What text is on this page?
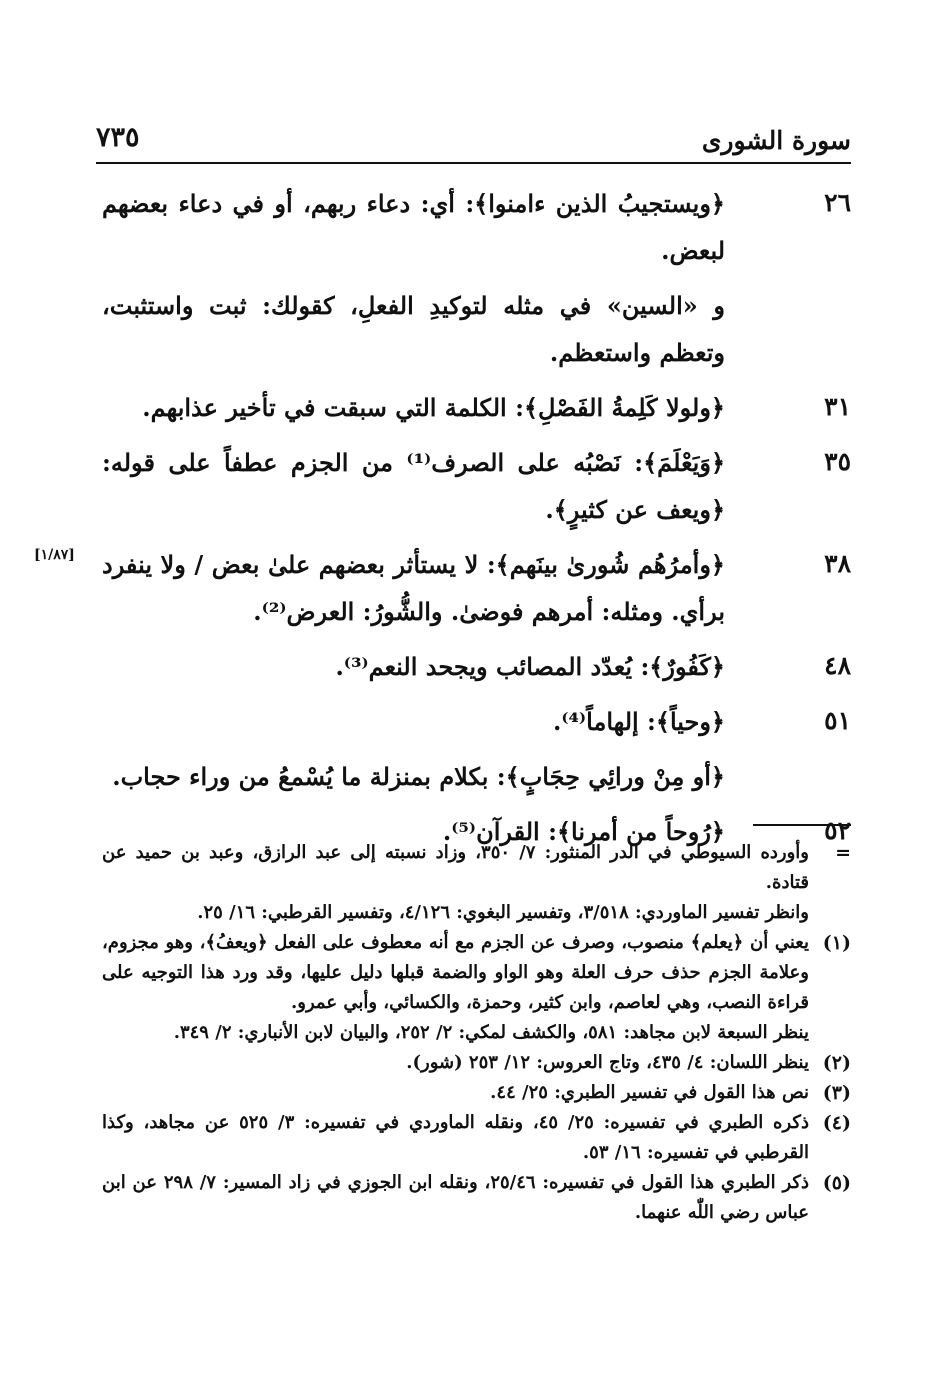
سورة الشورى
٧٣٥
٢٦
﴿ويستجيبُ الذين ءامنوا﴾: أي: دعاء ربهم، أو في دعاء بعضهم لبعض.
و «السين» في مثله لتوكيدِ الفعلِ، كقولك: ثبت واستثبت، وتعظم واستعظم.
٣١
﴿ولولا كَلِمةُ الفَصْلِ﴾: الكلمة التي سبقت في تأخير عذابهم.
٣٥
﴿وَيَعْلَمَ﴾: نَصْبُه على الصرف⁽¹⁾ من الجزم عطفاً على قوله: ﴿ويعف عن كثيرٍ﴾.
٣٨
﴿وأمرُهُم شُورىٰ بينَهم﴾: لا يستأثر بعضهم علىٰ بعض / ولا ينفرد برأي. ومثله: أمرهم فوضىٰ. والشُّورُ: العرض⁽²⁾.
[١/٨٧]
٤٨
﴿كَفُورٌ﴾: يُعدّد المصائب ويجحد النعم⁽³⁾.
٥١
﴿وحياً﴾: إلهاماً⁽⁴⁾.
﴿أو مِنْ ورائِي حِجَابٍ﴾: بكلام بمنزلة ما يُسْمعُ من وراء حجاب.
٥٢
﴿رُوحاً من أمرنا﴾: القرآن⁽⁵⁾.
=
وأورده السيوطي في الدر المنثور: ٧/ ٣٥٠، وزاد نسبته إلى عبد الرازق، وعبد بن حميد عن قتادة.
وانظر تفسير الماوردي: ٣/٥١٨، وتفسير البغوي: ٤/١٢٦، وتفسير القرطبي: ١٦/ ٢٥.
(١)
يعني أن ﴿يعلم﴾ منصوب، وصرف عن الجزم مع أنه معطوف على الفعل ﴿ويعفُ﴾، وهو مجزوم، وعلامة الجزم حذف حرف العلة وهو الواو والضمة قبلها دليل عليها، وقد ورد هذا التوجيه على قراءة النصب، وهي لعاصم، وابن كثير، وحمزة، والكسائي، وأبي عمرو.
ينظر السبعة لابن مجاهد: ٥٨١، والكشف لمكي: ٢/ ٢٥٢، والبيان لابن الأنباري: ٢/ ٣٤٩.
(٢)
ينظر اللسان: ٤/ ٤٣٥، وتاج العروس: ١٢/ ٢٥٣ (شور).
(٣)
نص هذا القول في تفسير الطبري: ٢٥/ ٤٤.
(٤)
ذكره الطبري في تفسيره: ٢٥/ ٤٥، ونقله الماوردي في تفسيره: ٣/ ٥٢٥ عن مجاهد، وكذا القرطبي في تفسيره: ١٦/ ٥٣.
(٥)
ذكر الطبري هذا القول في تفسيره: ٢٥/٤٦، ونقله ابن الجوزي في زاد المسير: ٧/ ٢٩٨ عن ابن عباس رضي اللّٰه عنهما.
